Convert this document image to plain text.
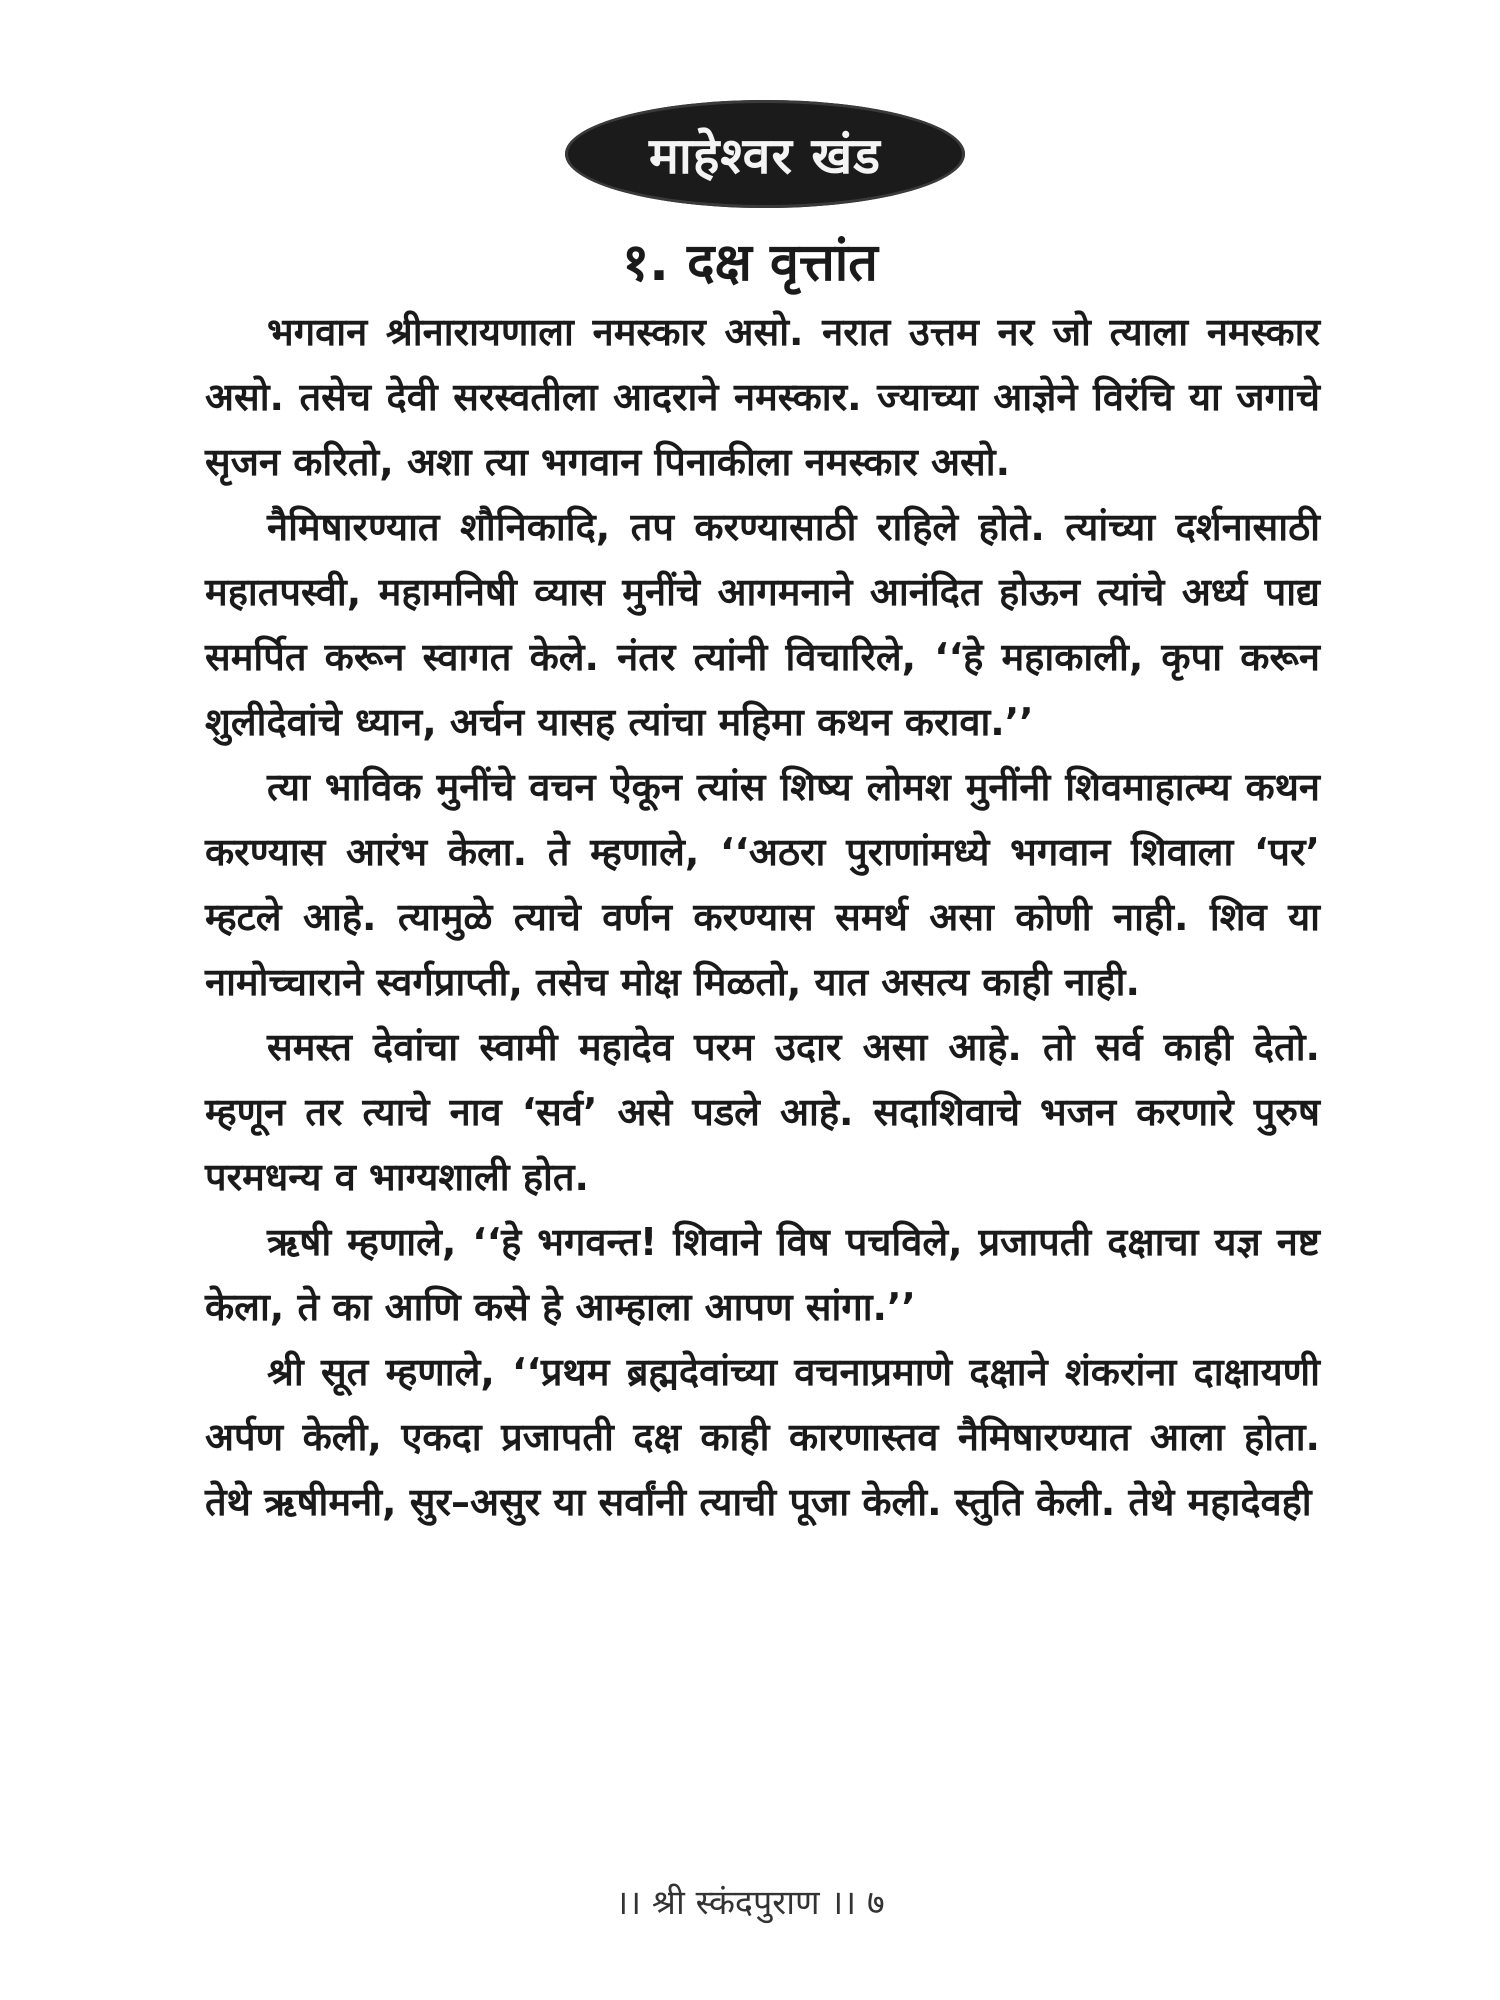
माहेश्वर खंड
१. दक्ष वृत्तांत

भगवान श्रीनारायणाला नमस्कार असो. नरात उत्तम नर जो त्याला नमस्कार असो. तसेच देवी सरस्वतीला आदराने नमस्कार. ज्याच्या आज्ञेने विरंचि या जगाचे सृजन करितो, अशा त्या भगवान पिनाकीला नमस्कार असो.

नैमिषारण्यात शौनिकादि, तप करण्यासाठी राहिले होते. त्यांच्या दर्शनासाठी महातपस्वी, महामनिषी व्यास मुनींचे आगमनाने आनंदित होऊन त्यांचे अर्ध्य पाद्य समर्पित करून स्वागत केले. नंतर त्यांनी विचारिले, ‘‘हे महाकाली, कृपा करून शुलीदेवांचे ध्यान, अर्चन यासह त्यांचा महिमा कथन करावा.’’

त्या भाविक मुनींचे वचन ऐकून त्यांस शिष्य लोमश मुनींनी शिवमाहात्म्य कथन करण्यास आरंभ केला. ते म्हणाले, ‘‘अठरा पुराणांमध्ये भगवान शिवाला ‘पर’ म्हटले आहे. त्यामुळे त्याचे वर्णन करण्यास समर्थ असा कोणी नाही. शिव या नामोच्चाराने स्वर्गप्राप्ती, तसेच मोक्ष मिळतो, यात असत्य काही नाही.

समस्त देवांचा स्वामी महादेव परम उदार असा आहे. तो सर्व काही देतो. म्हणून तर त्याचे नाव ‘सर्व’ असे पडले आहे. सदाशिवाचे भजन करणारे पुरुष परमधन्य व भाग्यशाली होत.

ऋषी म्हणाले, ‘‘हे भगवन्त! शिवाने विष पचविले, प्रजापती दक्षाचा यज्ञ नष्ट केला, ते का आणि कसे हे आम्हाला आपण सांगा.’’

श्री सूत म्हणाले, ‘‘प्रथम ब्रह्मदेवांच्या वचनाप्रमाणे दक्षाने शंकरांना दाक्षायणी अर्पण केली, एकदा प्रजापती दक्ष काही कारणास्तव नैमिषारण्यात आला होता. तेथे ऋषीमनी, सुर–असुर या सर्वांनी त्याची पूजा केली. स्तुति केली. तेथे महादेवही

।। श्री स्कंदपुराण ।। ७
